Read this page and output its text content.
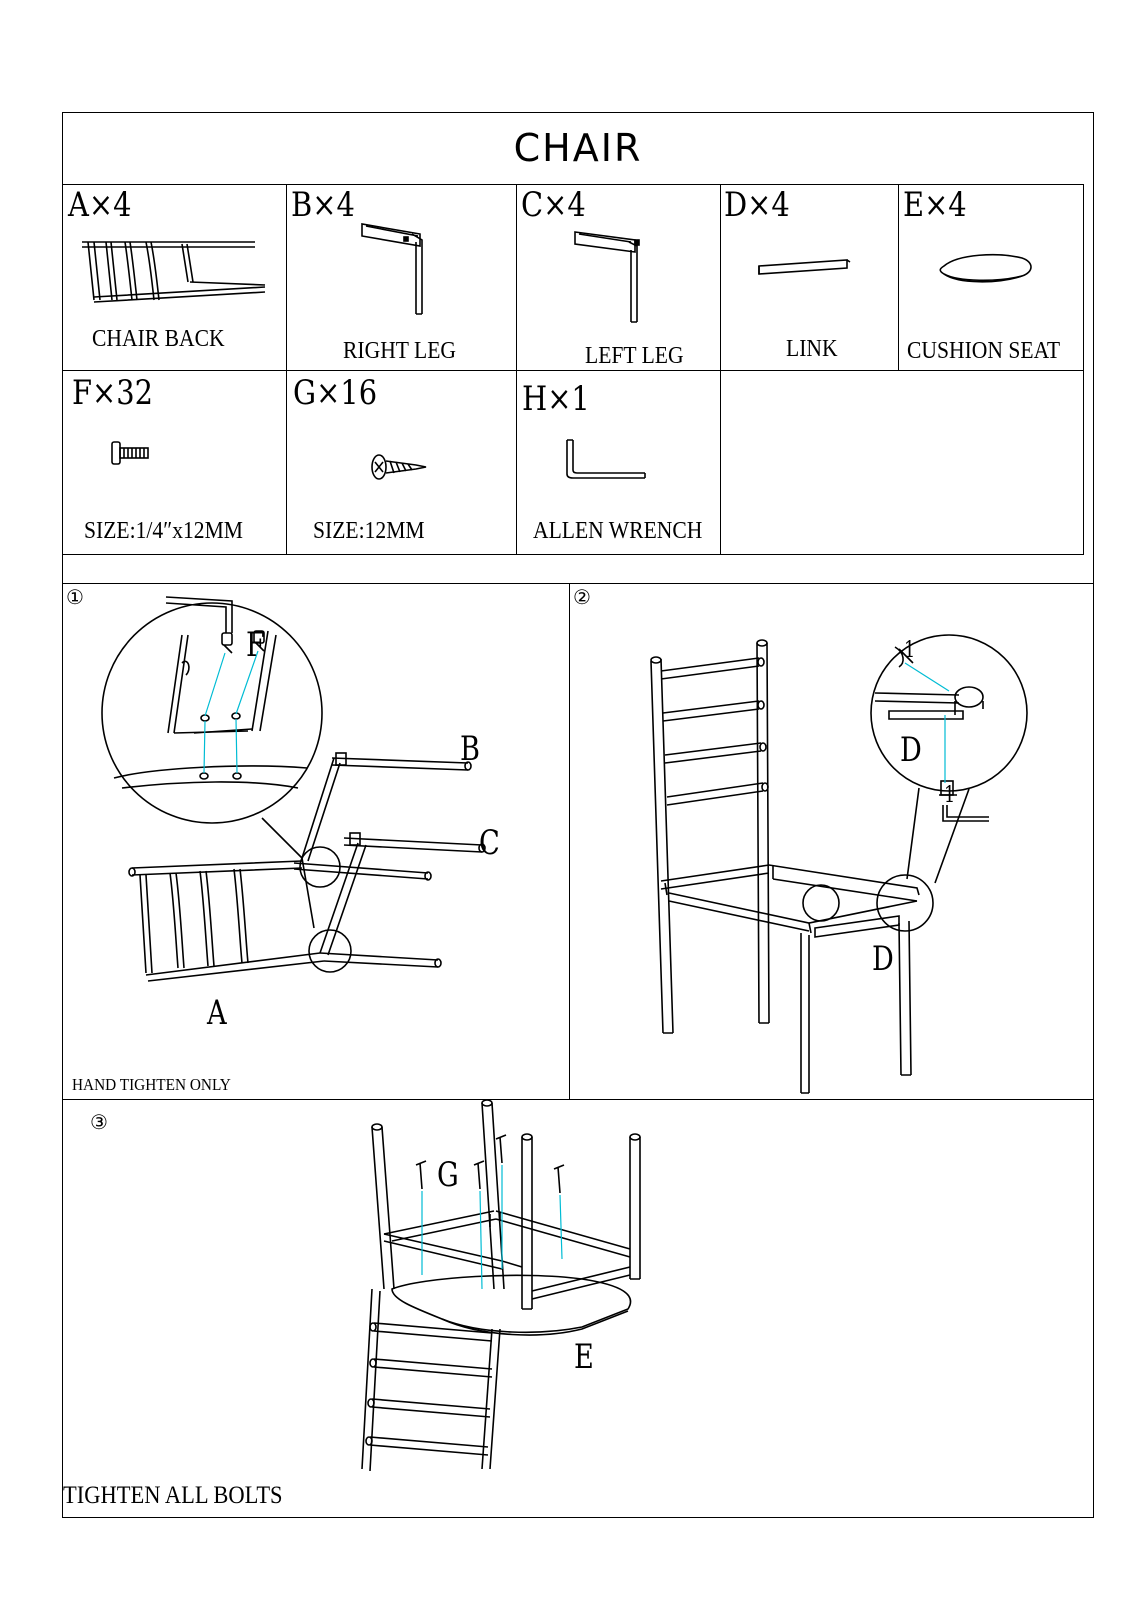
CHAIR
A×4
CHAIR BACK
B×4
RIGHT LEG
C×4
LEFT LEG
D×4
LINK
E×4
CUSHION SEAT
F×32
SIZE:1/4″x12MM
G×16
SIZE:12MM
H×1
ALLEN WRENCH
①
F
B
C
A
HAND TIGHTEN ONLY
②
1
D
1
D
③
G
E
TIGHTEN ALL BOLTS
